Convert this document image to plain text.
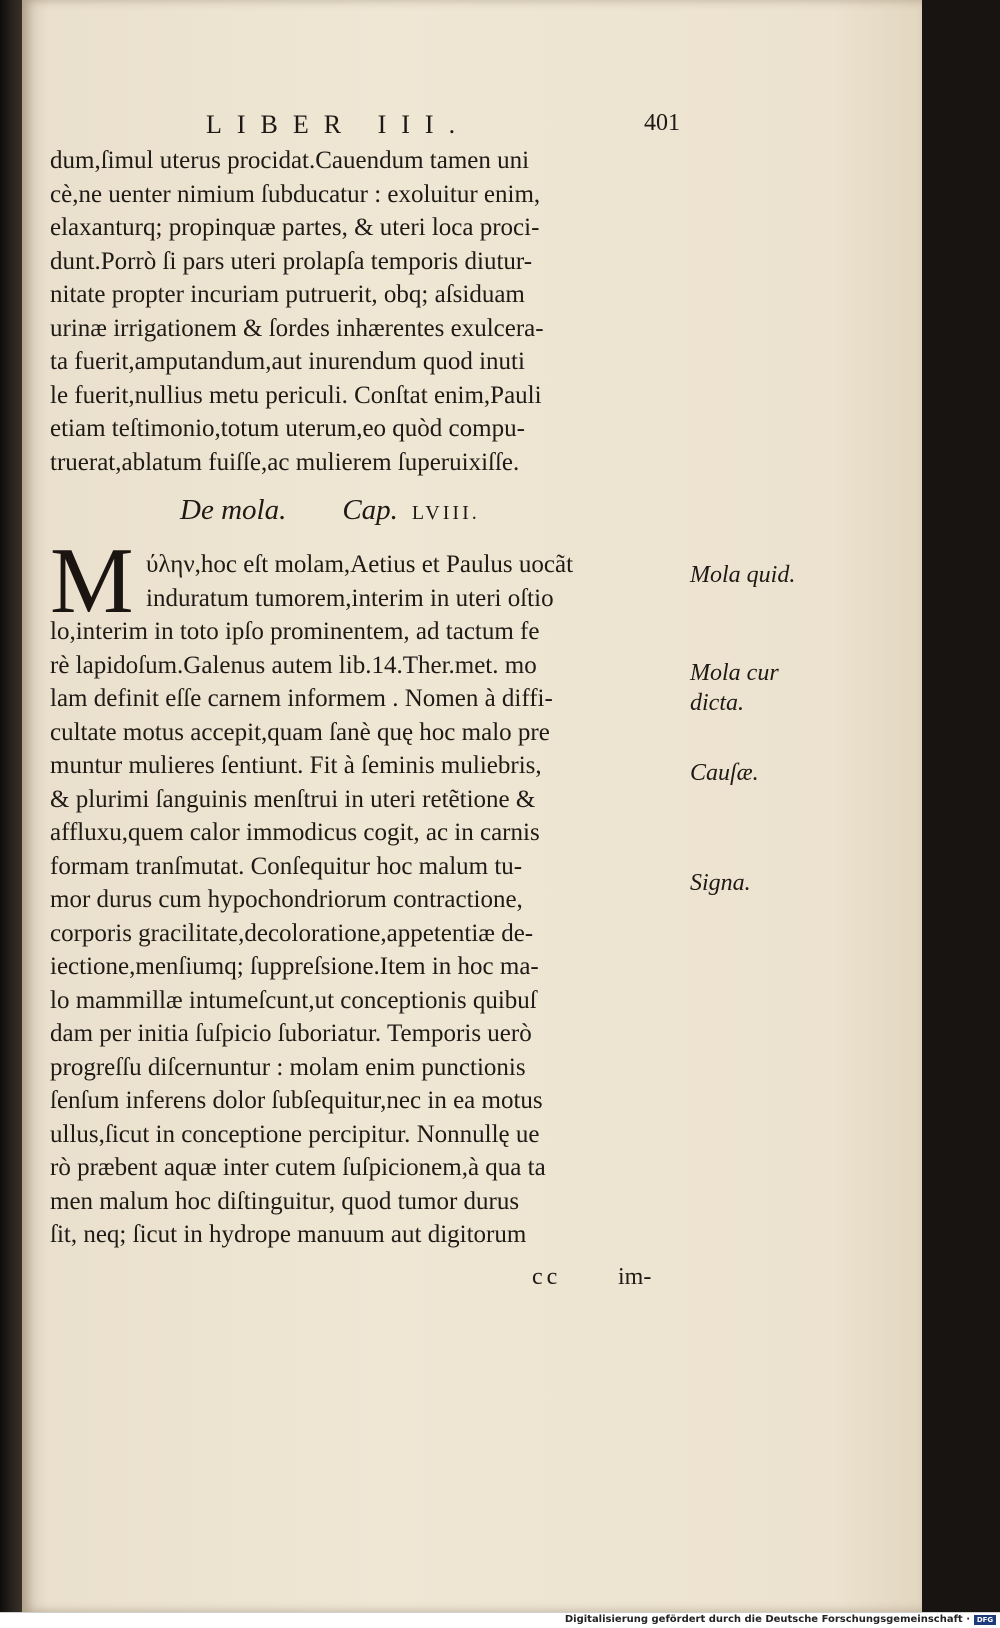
LIBER III.	401
dum,ſimul uterus procidat.Cauendum tamen uni
cè,ne uenter nimium ſubducatur : exoluitur enim,
elaxanturq; propinquæ partes, & uteri loca proci-
dunt.Porrò ſi pars uteri prolapſa temporis diutur-
nitate propter incuriam putruerit, obq; aſsiduam
urinæ irrigationem & ſordes inhærentes exulcera-
ta fuerit,amputandum,aut inurendum quod inuti
le fuerit,nullius metu periculi. Conſtat enim,Pauli
etiam teſtimonio,totum uterum,eo quòd compu-
truerat,ablatum fuiſſe,ac mulierem ſuperuixiſſe.
De mola. Cap. LVIII.
M ύλην,hoc eſt molam,Aetius et Paulus uocãt
induratum tumorem,interim in uteri oſtio
lo,interim in toto ipſo prominentem, ad tactum fe
rè lapidoſum.Galenus autem lib.14.Ther.met. mo
lam definit eſſe carnem informem . Nomen à diffi-
cultate motus accepit,quam ſanè quę hoc malo pre
muntur mulieres ſentiunt. Fit à ſeminis muliebris,
& plurimi ſanguinis menſtrui in uteri retẽtione &
affluxu,quem calor immodicus cogit, ac in carnis
formam tranſmutat. Conſequitur hoc malum tu-
mor durus cum hypochondriorum contractione,
corporis gracilitate,decoloratione,appetentiæ de-
iectione,menſiumq; ſuppreſsione.Item in hoc ma-
lo mammillæ intumeſcunt,ut conceptionis quibuſ
dam per initia ſuſpicio ſuboriatur. Temporis uerò
progreſſu diſcernuntur : molam enim punctionis
ſenſum inferens dolor ſubſequitur,nec in ea motus
ullus,ſicut in conceptione percipitur. Nonnullę ue
rò præbent aquæ inter cutem ſuſpicionem,à qua ta
men malum hoc diſtinguitur, quod tumor durus
ſit, neq; ſicut in hydrope manuum aut digitorum
Mola quid.
Mola cur
dicta.
Cauſæ.
Signa.
cc im-
Digitalisierung gefördert durch die Deutsche Forschungsgemeinschaft · DFG
